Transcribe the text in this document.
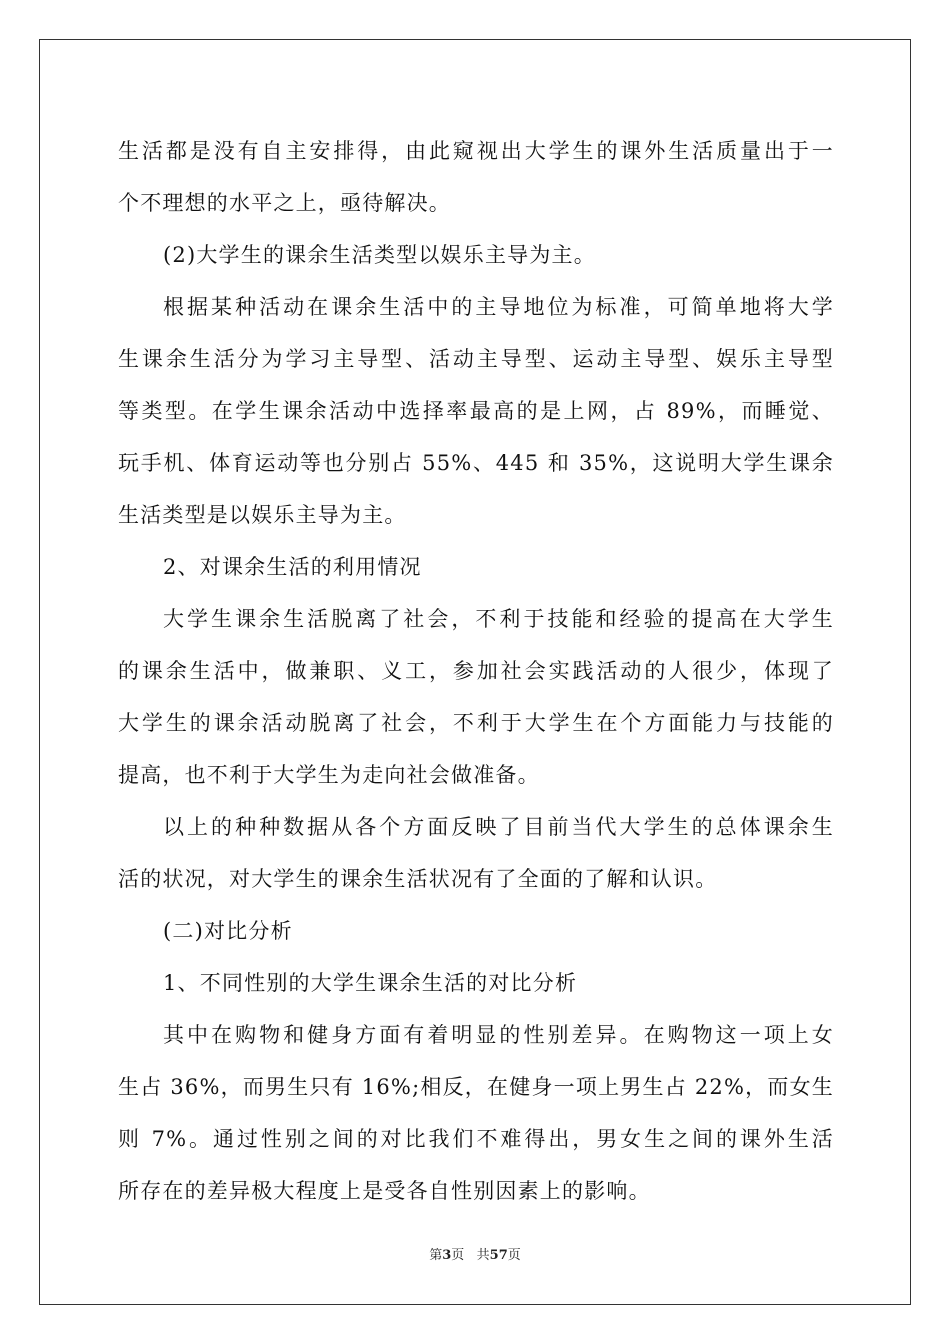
生活都是没有自主安排得，由此窥视出大学生的课外生活质量出于一
个不理想的水平之上，亟待解决。
(2)大学生的课余生活类型以娱乐主导为主。
根据某种活动在课余生活中的主导地位为标准，可简单地将大学
生课余生活分为学习主导型、活动主导型、运动主导型、娱乐主导型
等类型。在学生课余活动中选择率最高的是上网，占 89%，而睡觉、
玩手机、体育运动等也分别占 55%、445 和 35%，这说明大学生课余
生活类型是以娱乐主导为主。
2、对课余生活的利用情况
大学生课余生活脱离了社会，不利于技能和经验的提高在大学生
的课余生活中，做兼职、义工，参加社会实践活动的人很少，体现了
大学生的课余活动脱离了社会，不利于大学生在个方面能力与技能的
提高，也不利于大学生为走向社会做准备。
以上的种种数据从各个方面反映了目前当代大学生的总体课余生
活的状况，对大学生的课余生活状况有了全面的了解和认识。
(二)对比分析
1、不同性别的大学生课余生活的对比分析
其中在购物和健身方面有着明显的性别差异。在购物这一项上女
生占 36%，而男生只有 16%;相反，在健身一项上男生占 22%，而女生
则 7%。通过性别之间的对比我们不难得出，男女生之间的课外生活
所存在的差异极大程度上是受各自性别因素上的影响。
第3页   共57页
